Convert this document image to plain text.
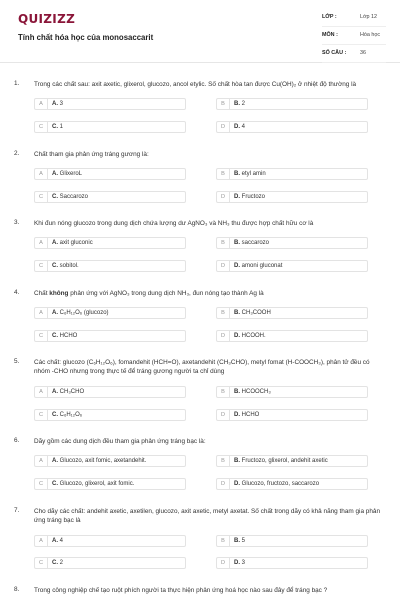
QUIZIZZ
Tính chất hóa học của monosaccarit
LỚP :	Lớp 12
MÔN :	Hóa học
SỐ CÂU :	36
1. Trong các chất sau: axit axetic, glixerol, glucozo, ancol etylic. Số chất hòa tan được Cu(OH)₂ ở nhiệt độ thường là
A	A. 3	B	B. 2
C	C. 1	D	D. 4
2. Chất tham gia phản ứng tráng gương là:
A	A. GlixeroL	B	B. etyl amin
C	C. Saccarozo	D	D. Fructozo
3. Khi đun nóng glucozo trong dung dịch chứa lượng dư AgNO₃ và NH₃ thu được hợp chất hữu cơ là
A	A. axit gluconic	B	B. saccarozo
C	C. sobitol.	D	D. amoni gluconat
4. Chất không phản ứng với AgNO₃ trong dung dịch NH₃, đun nóng tạo thành Ag là
A	A. C₆H₁₂O₆ (glucozo)	B	B. CH₃COOH
C	C. HCHO	D	D. HCOOH.
5. Các chất: glucozo (C₆H₁₂O₆), fomandehit (HCH=O), axetandehit (CH₃CHO), metyl fomat (H-COOCH₃), phân tử đều có nhóm -CHO nhưng trong thực tế để tráng gương người ta chỉ dùng
A	A. CH₃CHO	B	B. HCOOCH₃
C	C. C₆H₁₂O₆	D	D. HCHO
6. Dãy gồm các dung dịch đều tham gia phản ứng tráng bạc là:
A	A. Glucozo, axit fomic, axetandehit.	B	B. Fructozo, glixerol, andehit axetic
C	C. Glucozo, glixerol, axit fomic.	D	D. Glucozo, fructozo, saccarozo
7. Cho dãy các chất: andehit axetic, axetilen, glucozo, axit axetic, metyl axetat. Số chất trong dãy có khả năng tham gia phản ứng tráng bạc là
A	A. 4	B	B. 5
C	C. 2	D	D. 3
8. Trong công nghiệp chế tạo ruột phích người ta thực hiện phản ứng hoá học nào sau đây để tráng bạc ?
